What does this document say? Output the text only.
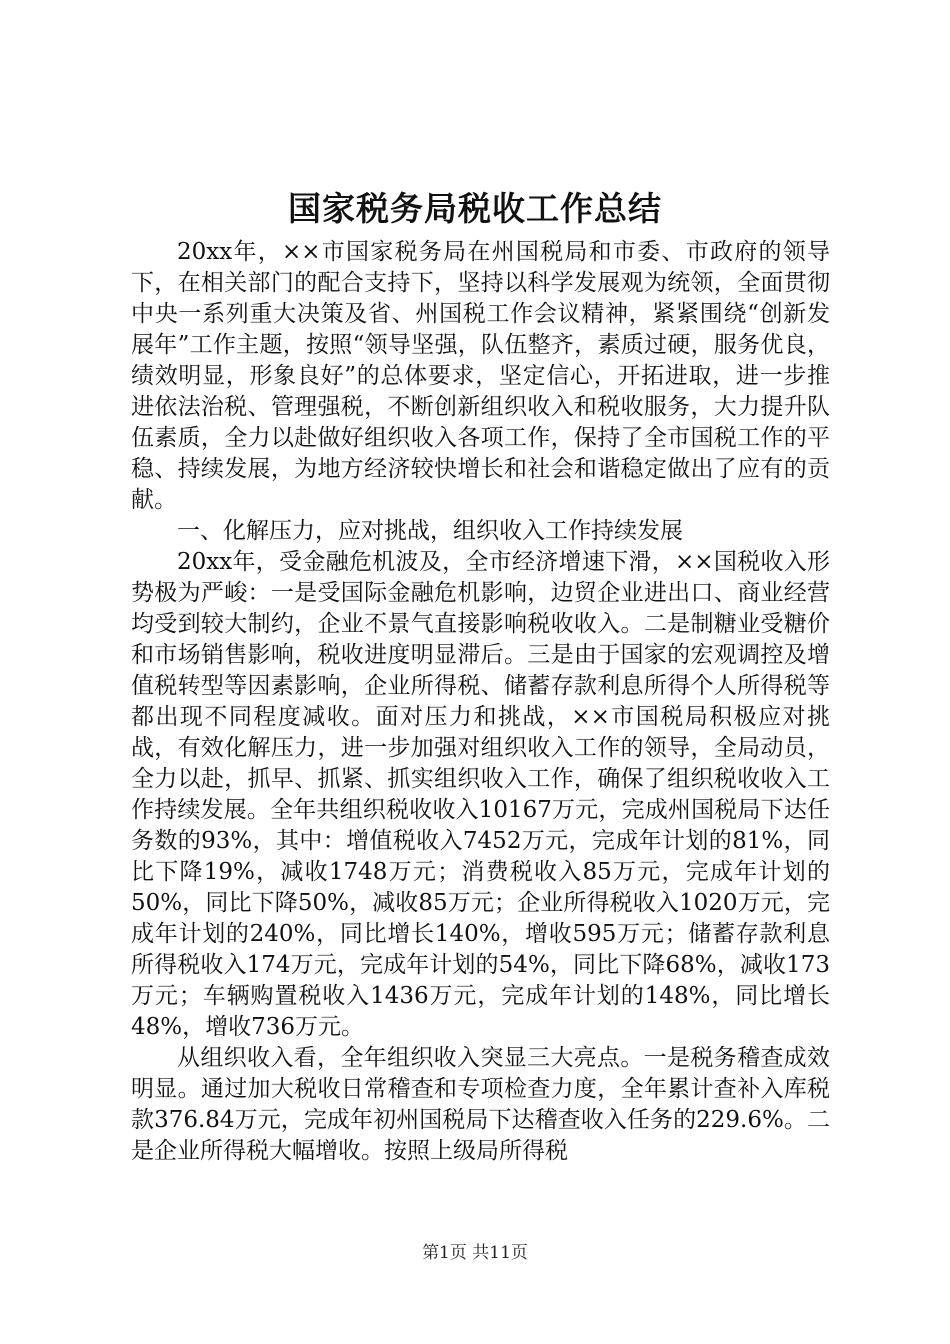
国家税务局税收工作总结

20xx年，××市国家税务局在州国税局和市委、市政府的领导下，在相关部门的配合支持下，坚持以科学发展观为统领，全面贯彻中央一系列重大决策及省、州国税工作会议精神，紧紧围绕“创新发展年”工作主题，按照“领导坚强，队伍整齐，素质过硬，服务优良，绩效明显，形象良好”的总体要求，坚定信心，开拓进取，进一步推进依法治税、管理强税，不断创新组织收入和税收服务，大力提升队伍素质，全力以赴做好组织收入各项工作，保持了全市国税工作的平稳、持续发展，为地方经济较快增长和社会和谐稳定做出了应有的贡献。

一、化解压力，应对挑战，组织收入工作持续发展

20xx年，受金融危机波及，全市经济增速下滑，××国税收入形势极为严峻：一是受国际金融危机影响，边贸企业进出口、商业经营均受到较大制约，企业不景气直接影响税收收入。二是制糖业受糖价和市场销售影响，税收进度明显滞后。三是由于国家的宏观调控及增值税转型等因素影响，企业所得税、储蓄存款利息所得个人所得税等都出现不同程度减收。面对压力和挑战，××市国税局积极应对挑战，有效化解压力，进一步加强对组织收入工作的领导，全局动员，全力以赴，抓早、抓紧、抓实组织收入工作，确保了组织税收收入工作持续发展。全年共组织税收收入10167万元，完成州国税局下达任务数的93%，其中：增值税收入7452万元，完成年计划的81%，同比下降19%，减收1748万元；消费税收入85万元，完成年计划的50%，同比下降50%，减收85万元；企业所得税收入1020万元，完成年计划的240%，同比增长140%，增收595万元；储蓄存款利息所得税收入174万元，完成年计划的54%，同比下降68%，减收173万元；车辆购置税收入1436万元，完成年计划的148%，同比增长48%，增收736万元。

从组织收入看，全年组织收入突显三大亮点。一是税务稽查成效明显。通过加大税收日常稽查和专项检查力度，全年累计查补入库税款376.84万元，完成年初州国税局下达稽查收入任务的229.6%。二是企业所得税大幅增收。按照上级局所得税

第1页 共11页
